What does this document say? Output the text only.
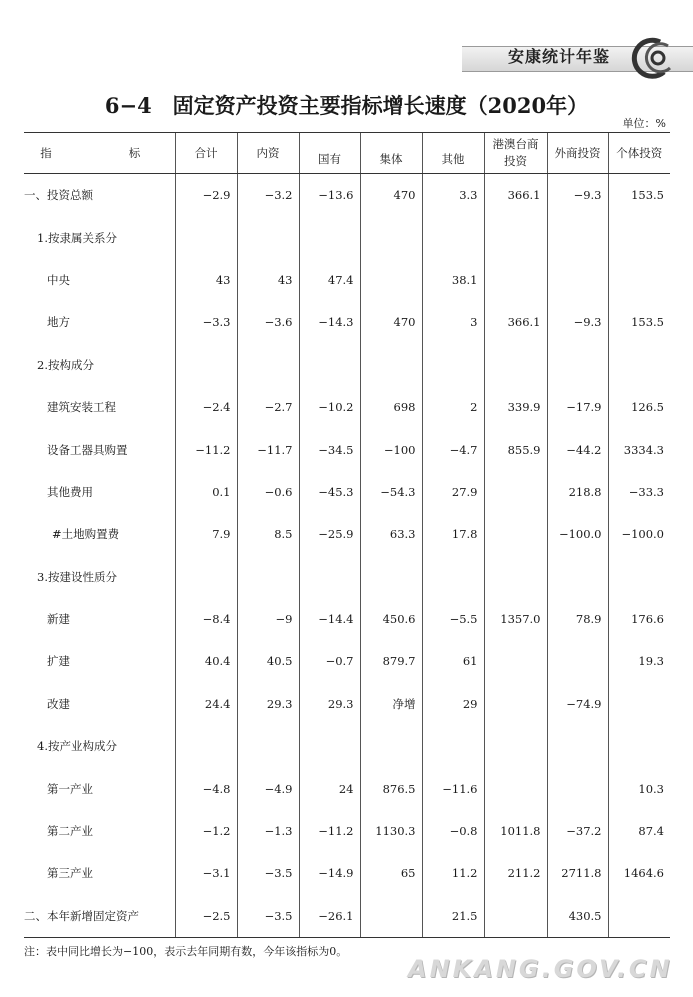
安康统计年鉴
6−4　固定资产投资主要指标增长速度（2020年）
单位：%
指　　标	合计	内资	国有	集体	其他	港澳台商投资	外商投资	个体投资
一、投资总额	−2.9	−3.2	−13.6	470	3.3	366.1	−9.3	153.5
1.按隶属关系分								
中央	43	43	47.4		38.1			
地方	−3.3	−3.6	−14.3	470	3	366.1	−9.3	153.5
2.按构成分								
建筑安装工程	−2.4	−2.7	−10.2	698	2	339.9	−17.9	126.5
设备工器具购置	−11.2	−11.7	−34.5	−100	−4.7	855.9	−44.2	3334.3
其他费用	0.1	−0.6	−45.3	−54.3	27.9		218.8	−33.3
#土地购置费	7.9	8.5	−25.9	63.3	17.8		−100.0	−100.0
3.按建设性质分								
新建	−8.4	−9	−14.4	450.6	−5.5	1357.0	78.9	176.6
扩建	40.4	40.5	−0.7	879.7	61			19.3
改建	24.4	29.3	29.3	净增	29		−74.9	
4.按产业构成分								
第一产业	−4.8	−4.9	24	876.5	−11.6			10.3
第二产业	−1.2	−1.3	−11.2	1130.3	−0.8	1011.8	−37.2	87.4
第三产业	−3.1	−3.5	−14.9	65	11.2	211.2	2711.8	1464.6
二、本年新增固定资产	−2.5	−3.5	−26.1		21.5		430.5	
注：表中同比增长为−100，表示去年同期有数，今年该指标为0。
ANKANG.GOV.CN
